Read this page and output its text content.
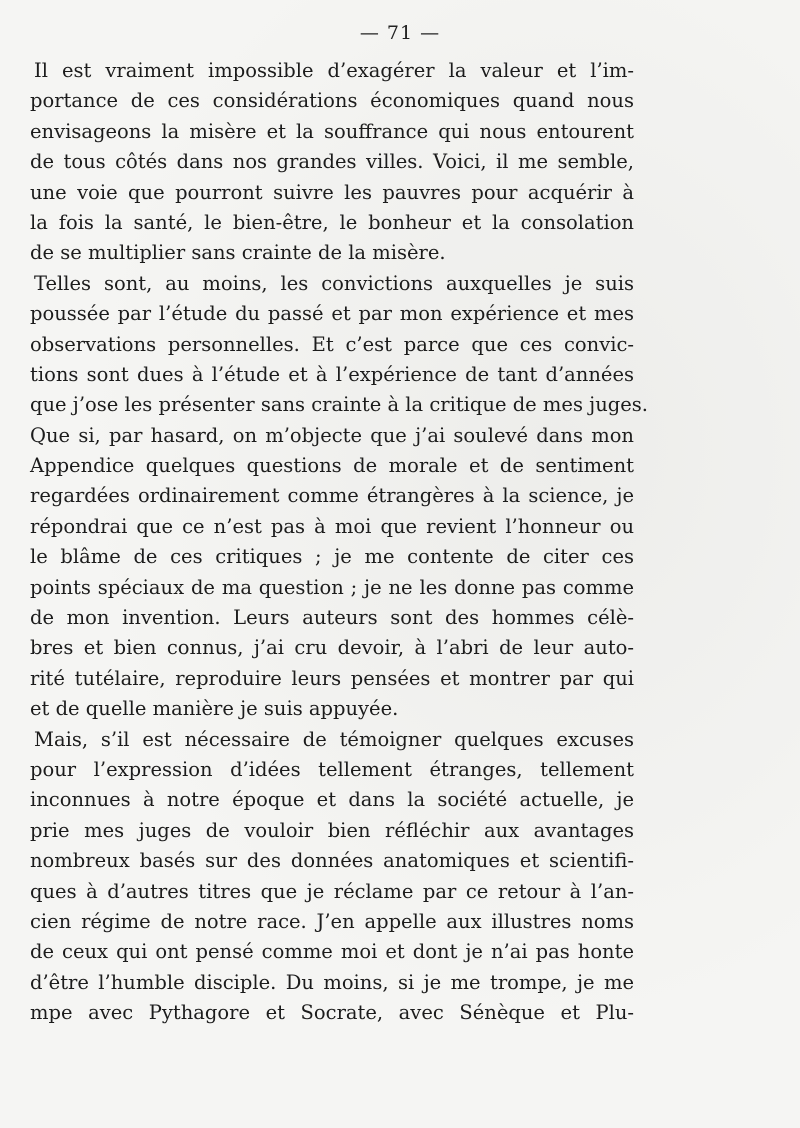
— 71 —
Il est vraiment impossible d’exagérer la valeur et l’im-
portance de ces considérations économiques quand nous
envisageons la misère et la souffrance qui nous entourent
de tous côtés dans nos grandes villes. Voici, il me semble,
une voie que pourront suivre les pauvres pour acquérir à
la fois la santé, le bien-être, le bonheur et la consolation
de se multiplier sans crainte de la misère.
Telles sont, au moins, les convictions auxquelles je suis
poussée par l’étude du passé et par mon expérience et mes
observations personnelles. Et c’est parce que ces convic-
tions sont dues à l’étude et à l’expérience de tant d’années
que j’ose les présenter sans crainte à la critique de mes juges.
Que si, par hasard, on m’objecte que j’ai soulevé dans mon
Appendice quelques questions de morale et de sentiment
regardées ordinairement comme étrangères à la science, je
répondrai que ce n’est pas à moi que revient l’honneur ou
le blâme de ces critiques ; je me contente de citer ces
points spéciaux de ma question ; je ne les donne pas comme
de mon invention. Leurs auteurs sont des hommes célè-
bres et bien connus, j’ai cru devoir, à l’abri de leur auto-
rité tutélaire, reproduire leurs pensées et montrer par qui
et de quelle manière je suis appuyée.
Mais, s’il est nécessaire de témoigner quelques excuses
pour l’expression d’idées tellement étranges, tellement
inconnues à notre époque et dans la société actuelle, je
prie mes juges de vouloir bien réfléchir aux avantages
nombreux basés sur des données anatomiques et scientifi-
ques à d’autres titres que je réclame par ce retour à l’an-
cien régime de notre race. J’en appelle aux illustres noms
de ceux qui ont pensé comme moi et dont je n’ai pas honte
d’être l’humble disciple. Du moins, si je me trompe, je me
mpe avec Pythagore et Socrate, avec Sénèque et Plu-
